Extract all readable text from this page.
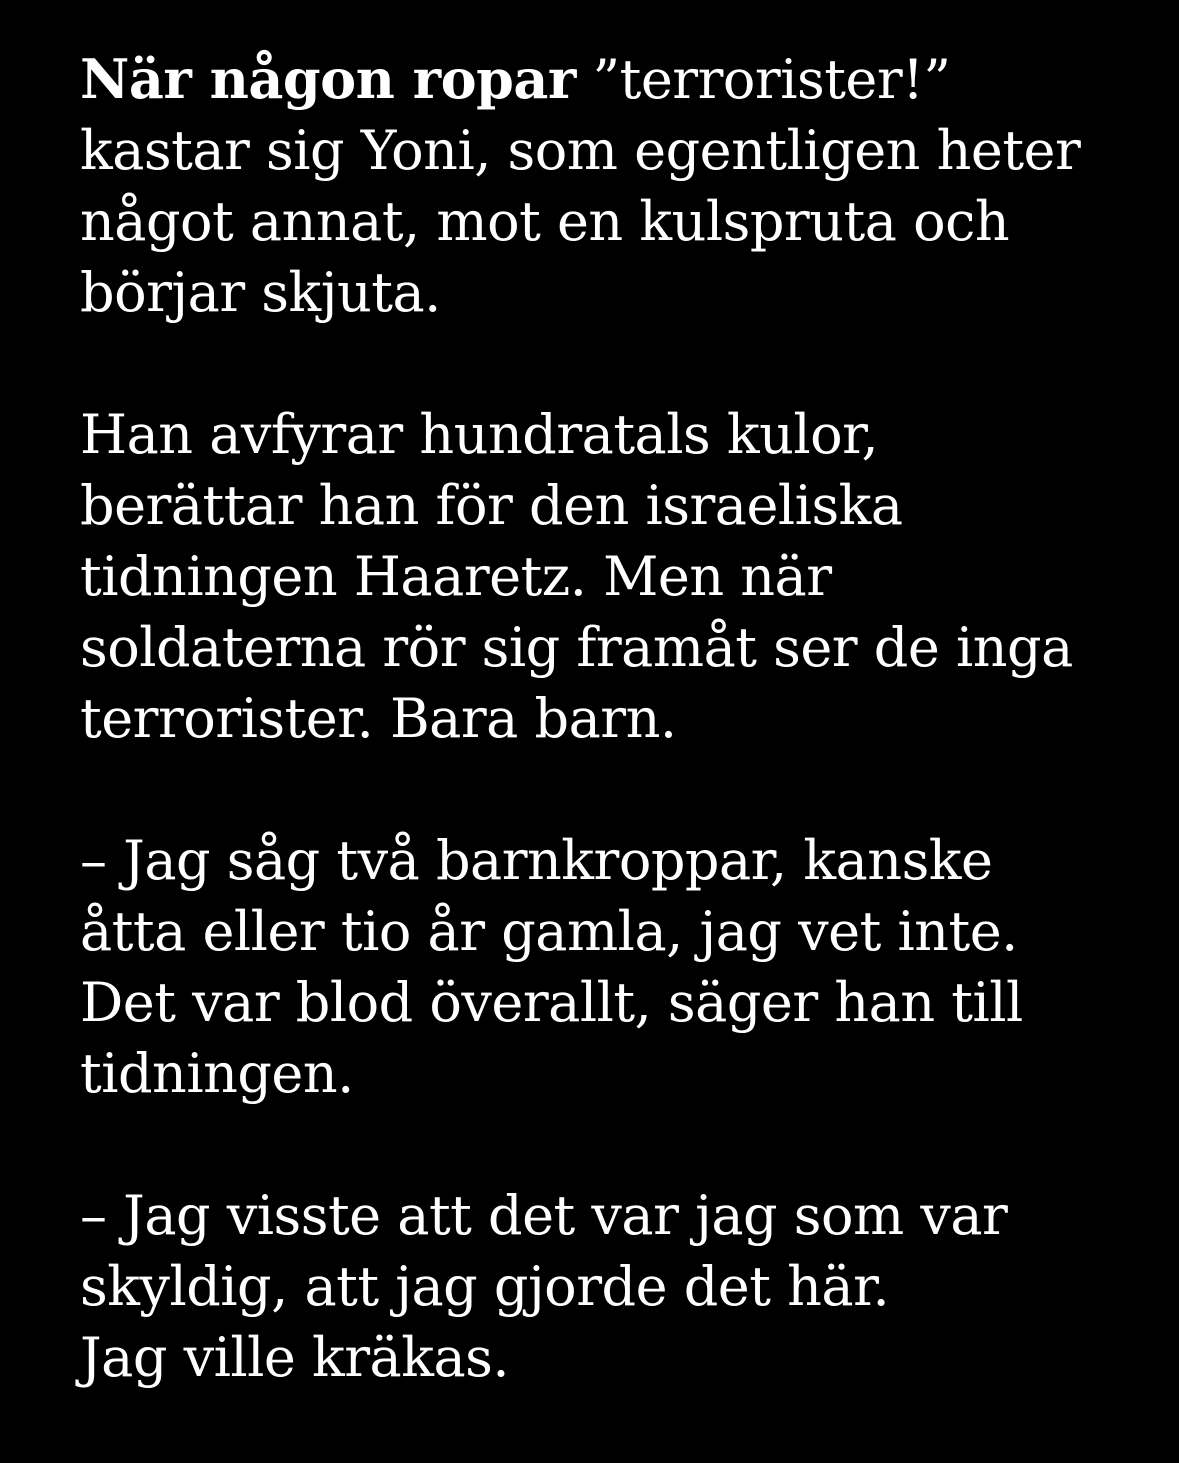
När någon ropar ”terrorister!”
kastar sig Yoni, som egentligen heter
något annat, mot en kulspruta och
börjar skjuta.

Han avfyrar hundratals kulor,
berättar han för den israeliska
tidningen Haaretz. Men när
soldaterna rör sig framåt ser de inga
terrorister. Bara barn.

– Jag såg två barnkroppar, kanske
åtta eller tio år gamla, jag vet inte.
Det var blod överallt, säger han till
tidningen.

– Jag visste att det var jag som var
skyldig, att jag gjorde det här.
Jag ville kräkas.
